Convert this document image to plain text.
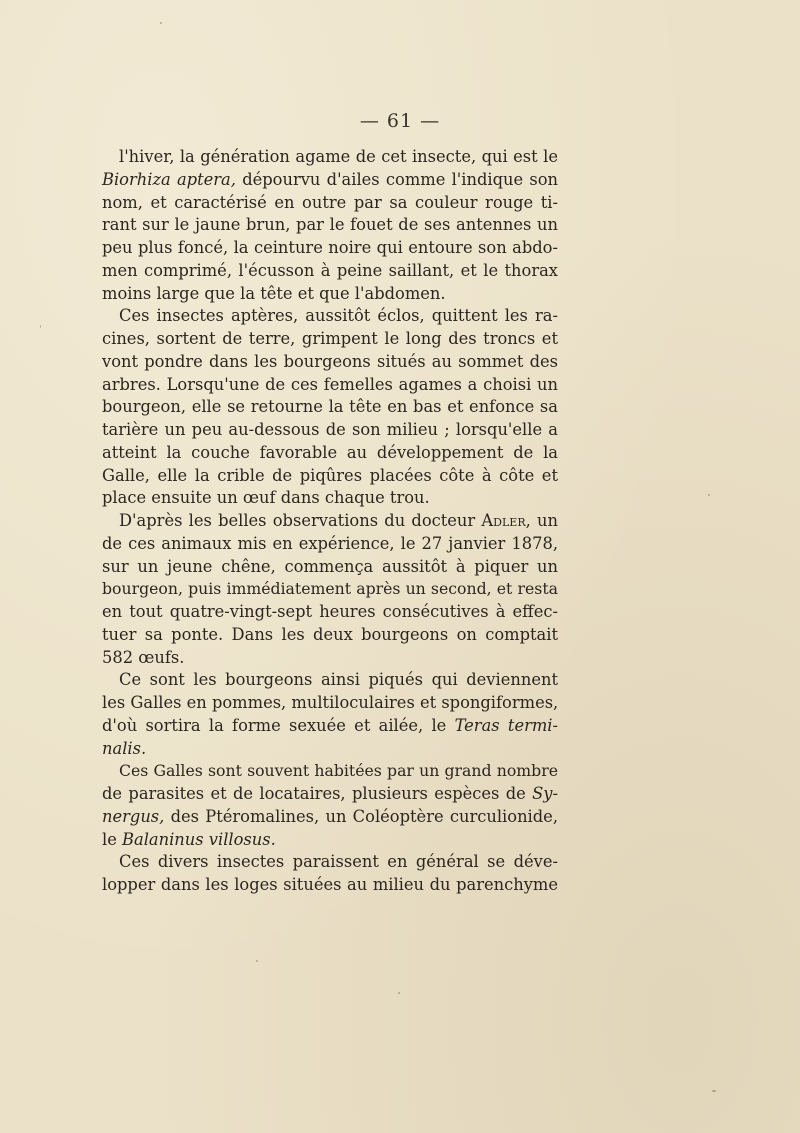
— 61 —
l'hiver, la génération agame de cet insecte, qui est le
Biorhiza aptera, dépourvu d'ailes comme l'indique son
nom, et caractérisé en outre par sa couleur rouge ti-
rant sur le jaune brun, par le fouet de ses antennes un
peu plus foncé, la ceinture noire qui entoure son abdo-
men comprimé, l'écusson à peine saillant, et le thorax
moins large que la tête et que l'abdomen.
Ces insectes aptères, aussitôt éclos, quittent les ra-
cines, sortent de terre, grimpent le long des troncs et
vont pondre dans les bourgeons situés au sommet des
arbres. Lorsqu'une de ces femelles agames a choisi un
bourgeon, elle se retourne la tête en bas et enfonce sa
tarière un peu au-dessous de son milieu ; lorsqu'elle a
atteint la couche favorable au développement de la
Galle, elle la crible de piqûres placées côte à côte et
place ensuite un œuf dans chaque trou.
D'après les belles observations du docteur Adler, un
de ces animaux mis en expérience, le 27 janvier 1878,
sur un jeune chêne, commença aussitôt à piquer un
bourgeon, puis immédiatement après un second, et resta
en tout quatre-vingt-sept heures consécutives à effec-
tuer sa ponte. Dans les deux bourgeons on comptait
582 œufs.
Ce sont les bourgeons ainsi piqués qui deviennent
les Galles en pommes, multiloculaires et spongiformes,
d'où sortira la forme sexuée et ailée, le Teras termi-
nalis.
Ces Galles sont souvent habitées par un grand nombre
de parasites et de locataires, plusieurs espèces de Sy-
nergus, des Ptéromalines, un Coléoptère curculionide,
le Balaninus villosus.
Ces divers insectes paraissent en général se déve-
lopper dans les loges situées au milieu du parenchyme
